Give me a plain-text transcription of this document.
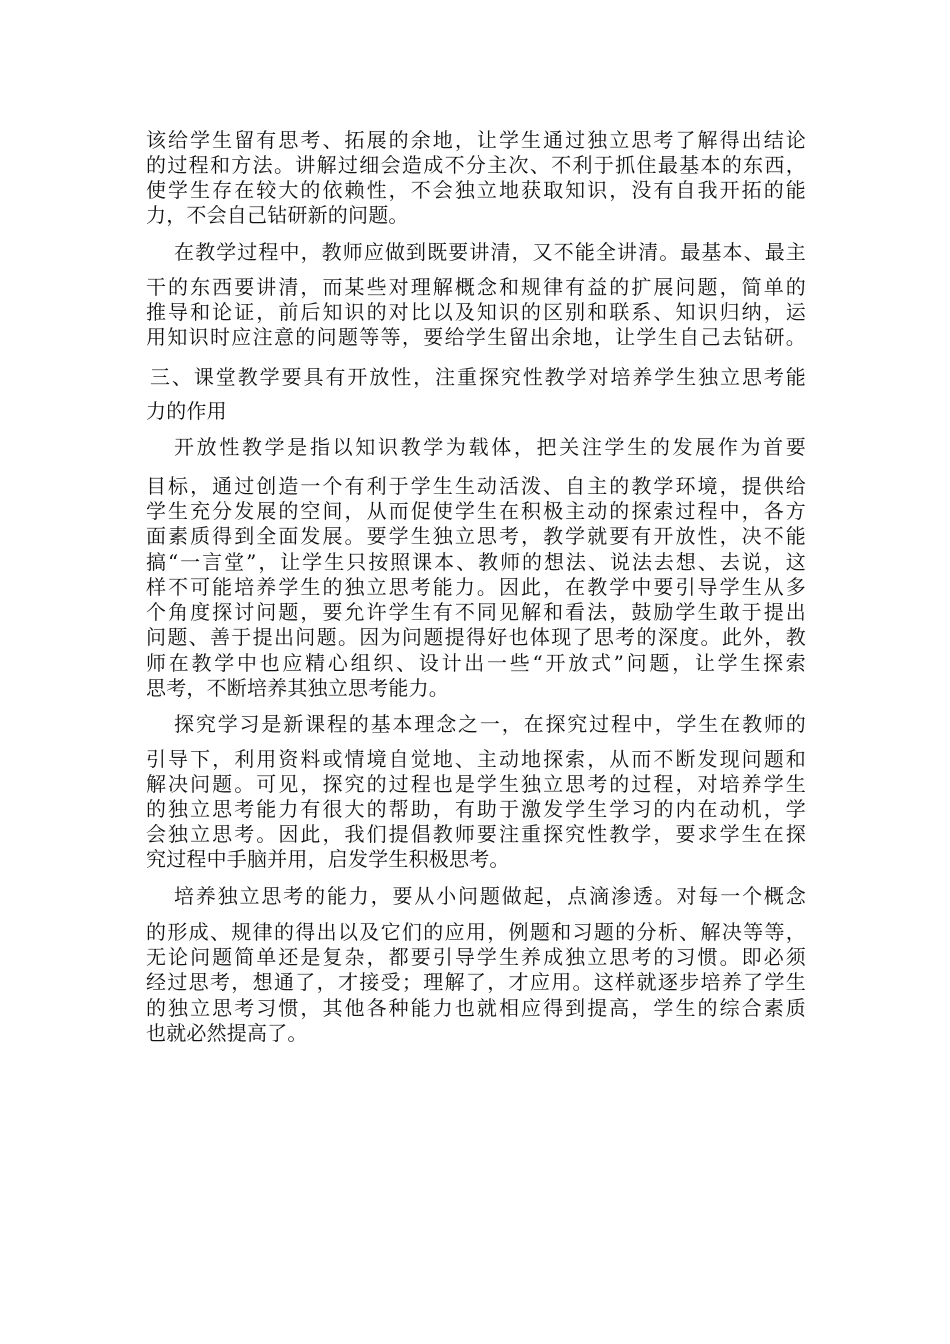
该给学生留有思考、拓展的余地，让学生通过独立思考了解得出结论
的过程和方法。讲解过细会造成不分主次、不利于抓住最基本的东西，
使学生存在较大的依赖性，不会独立地获取知识，没有自我开拓的能
力，不会自己钻研新的问题。
在教学过程中，教师应做到既要讲清，又不能全讲清。最基本、最主
干的东西要讲清，而某些对理解概念和规律有益的扩展问题，简单的
推导和论证，前后知识的对比以及知识的区别和联系、知识归纳，运
用知识时应注意的问题等等，要给学生留出余地，让学生自己去钻研。
三、课堂教学要具有开放性，注重探究性教学对培养学生独立思考能
力的作用
开放性教学是指以知识教学为载体，把关注学生的发展作为首要
目标，通过创造一个有利于学生生动活泼、自主的教学环境，提供给
学生充分发展的空间，从而促使学生在积极主动的探索过程中，各方
面素质得到全面发展。要学生独立思考，教学就要有开放性，决不能
搞“一言堂”，让学生只按照课本、教师的想法、说法去想、去说，这
样不可能培养学生的独立思考能力。因此，在教学中要引导学生从多
个角度探讨问题，要允许学生有不同见解和看法，鼓励学生敢于提出
问题、善于提出问题。因为问题提得好也体现了思考的深度。此外，教
师在教学中也应精心组织、设计出一些“开放式”问题，让学生探索
思考，不断培养其独立思考能力。
探究学习是新课程的基本理念之一，在探究过程中，学生在教师的
引导下，利用资料或情境自觉地、主动地探索，从而不断发现问题和
解决问题。可见，探究的过程也是学生独立思考的过程，对培养学生
的独立思考能力有很大的帮助，有助于激发学生学习的内在动机，学
会独立思考。因此，我们提倡教师要注重探究性教学，要求学生在探
究过程中手脑并用，启发学生积极思考。
培养独立思考的能力，要从小问题做起，点滴渗透。对每一个概念
的形成、规律的得出以及它们的应用，例题和习题的分析、解决等等，
无论问题简单还是复杂，都要引导学生养成独立思考的习惯。即必须
经过思考，想通了，才接受；理解了，才应用。这样就逐步培养了学生
的独立思考习惯，其他各种能力也就相应得到提高，学生的综合素质
也就必然提高了。
